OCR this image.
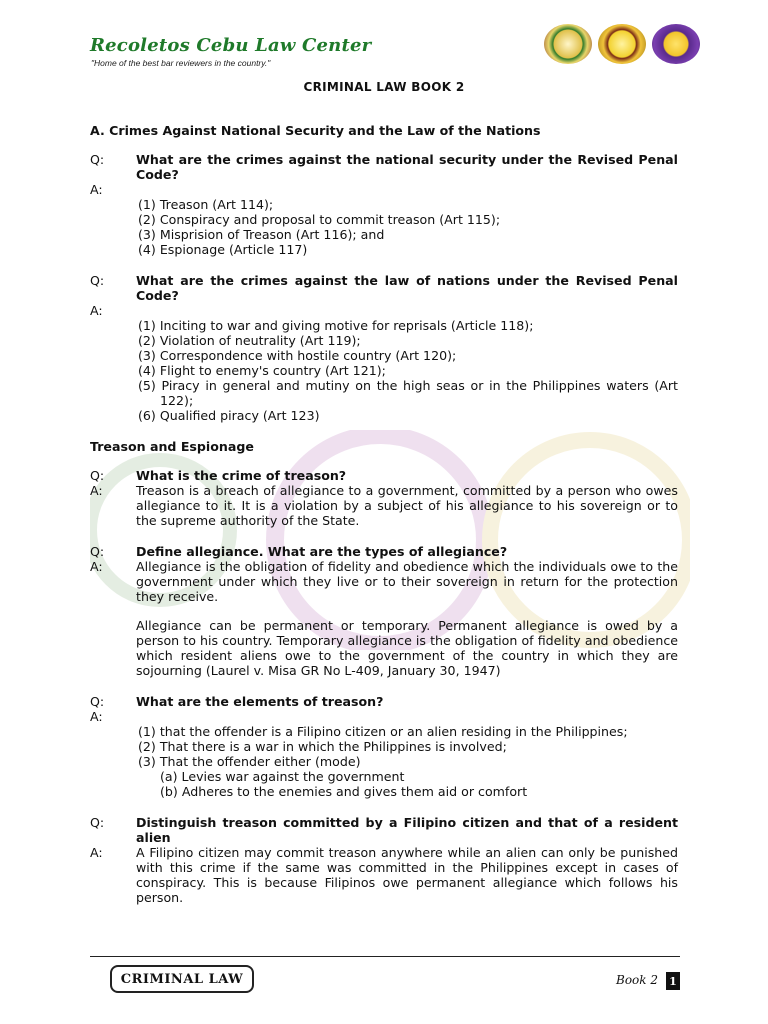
Recoletos Cebu Law Center
"Home of the best bar reviewers in the country."
CRIMINAL LAW BOOK 2
A. Crimes Against National Security and the Law of the Nations
Q:	What are the crimes against the national security under the Revised Penal Code?
A:
(1) Treason (Art 114);
(2) Conspiracy and proposal to commit treason (Art 115);
(3) Misprision of Treason (Art 116); and
(4) Espionage (Article 117)
Q:	What are the crimes against the law of nations under the Revised Penal Code?
A:
(1) Inciting to war and giving motive for reprisals (Article 118);
(2) Violation of neutrality (Art 119);
(3) Correspondence with hostile country (Art 120);
(4) Flight to enemy's country (Art 121);
(5) Piracy in general and mutiny on the high seas or in the Philippines waters (Art 122);
(6) Qualified piracy (Art 123)
Treason and Espionage
Q:	What is the crime of treason?
A:	Treason is a breach of allegiance to a government, committed by a person who owes allegiance to it. It is a violation by a subject of his allegiance to his sovereign or to the supreme authority of the State.
Q:	Define allegiance. What are the types of allegiance?
A:	Allegiance is the obligation of fidelity and obedience which the individuals owe to the government under which they live or to their sovereign in return for the protection they receive.
Allegiance can be permanent or temporary. Permanent allegiance is owed by a person to his country. Temporary allegiance is the obligation of fidelity and obedience which resident aliens owe to the government of the country in which they are sojourning (Laurel v. Misa GR No L-409, January 30, 1947)
Q:	What are the elements of treason?
A:
(1) that the offender is a Filipino citizen or an alien residing in the Philippines;
(2) That there is a war in which the Philippines is involved;
(3) That the offender either (mode)
(a) Levies war against the government
(b) Adheres to the enemies and gives them aid or comfort
Q:	Distinguish treason committed by a Filipino citizen and that of a resident alien
A:	A Filipino citizen may commit treason anywhere while an alien can only be punished with this crime if the same was committed in the Philippines except in cases of conspiracy. This is because Filipinos owe permanent allegiance which follows his person.
CRIMINAL LAW	Book 2 1
